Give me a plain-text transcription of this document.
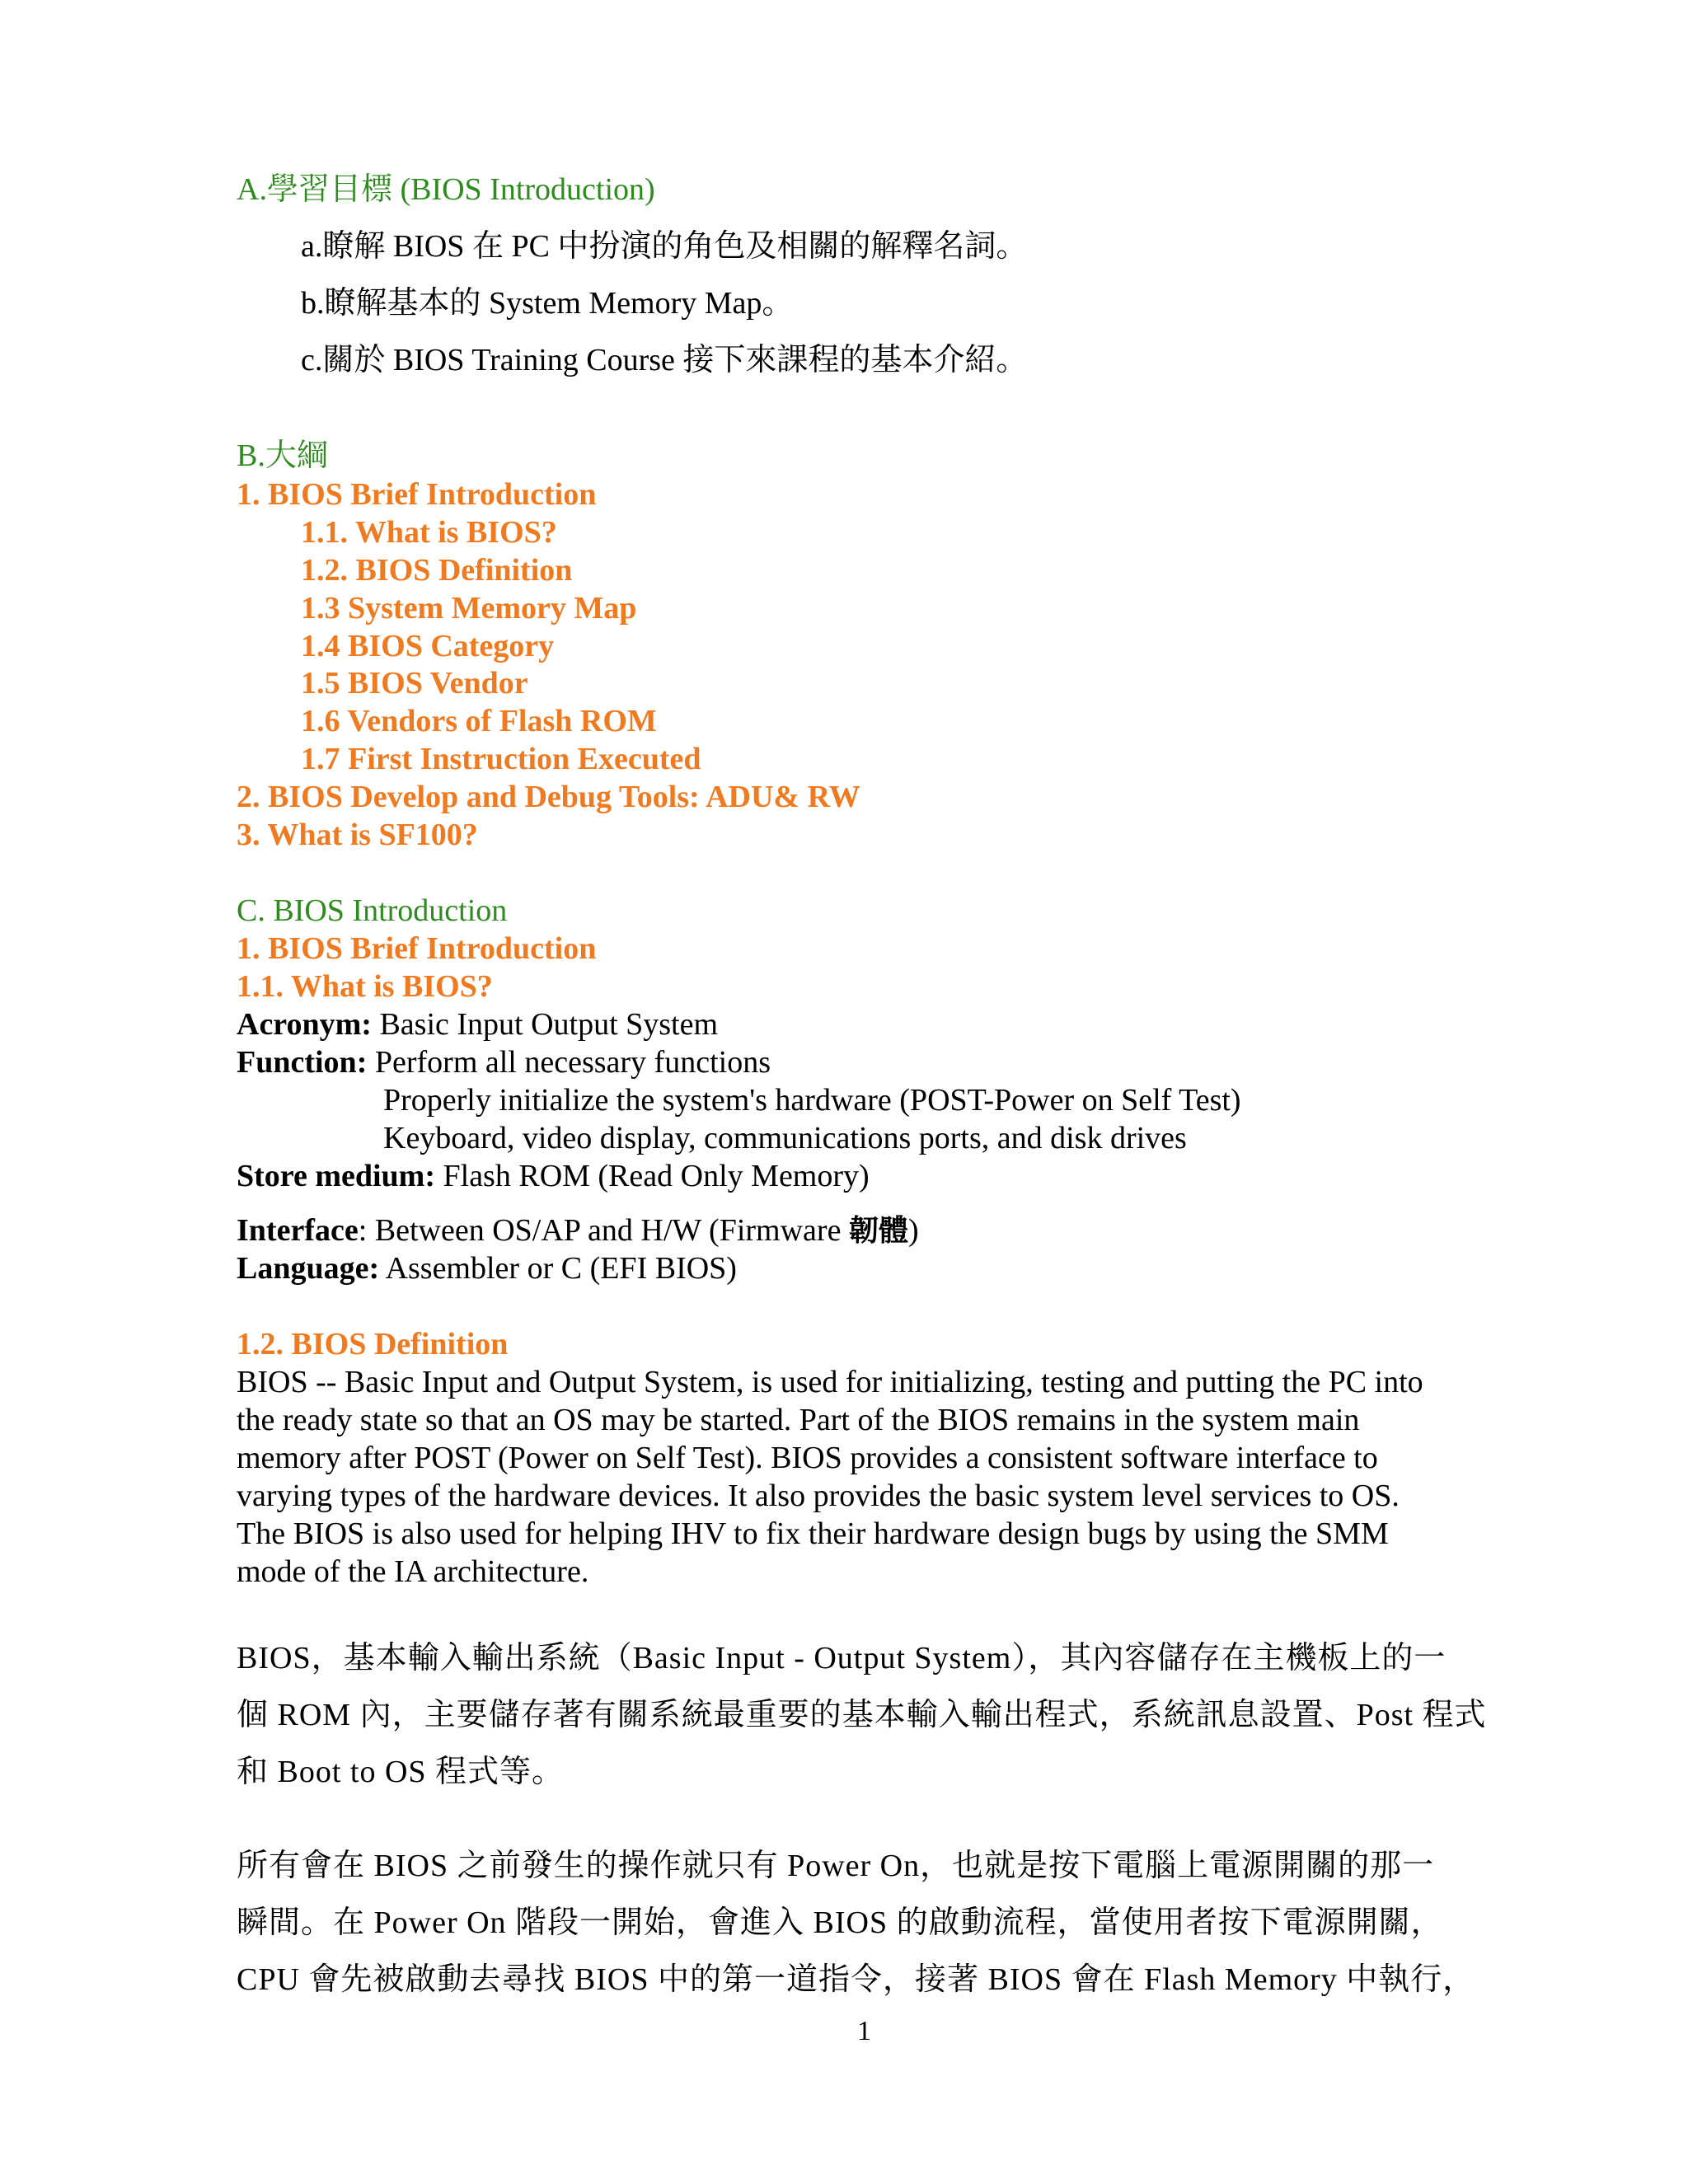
A.學習目標 (BIOS Introduction)
a.瞭解 BIOS 在 PC 中扮演的角色及相關的解釋名詞。
b.瞭解基本的 System Memory Map。
c.關於 BIOS Training Course 接下來課程的基本介紹。
B.大綱
1. BIOS Brief Introduction
1.1. What is BIOS?
1.2. BIOS Definition
1.3 System Memory Map
1.4 BIOS Category
1.5 BIOS Vendor
1.6 Vendors of Flash ROM
1.7 First Instruction Executed
2. BIOS Develop and Debug Tools: ADU& RW
3. What is SF100?
C. BIOS Introduction
1. BIOS Brief Introduction
1.1. What is BIOS?
Acronym: Basic Input Output System
Function: Perform all necessary functions
Properly initialize the system's hardware (POST-Power on Self Test)
Keyboard, video display, communications ports, and disk drives
Store medium: Flash ROM (Read Only Memory)
Interface: Between OS/AP and H/W (Firmware 韌體)
Language: Assembler or C (EFI BIOS)
1.2. BIOS Definition

BIOS -- Basic Input and Output System, is used for initializing, testing and putting the PC into

the ready state so that an OS may be started. Part of the BIOS remains in the system main

memory after POST (Power on Self Test). BIOS provides a consistent software interface to

varying types of the hardware devices. It also provides the basic system level services to OS.

The BIOS is also used for helping IHV to fix their hardware design bugs by using the SMM

mode of the IA architecture.

BIOS，基本輸入輸出系統（Basic Input - Output System），其內容儲存在主機板上的一

個 ROM 內，主要儲存著有關系統最重要的基本輸入輸出程式，系統訊息設置、Post 程式

和 Boot to OS 程式等。

所有會在 BIOS 之前發生的操作就只有 Power On，也就是按下電腦上電源開關的那一

瞬間。在 Power On 階段一開始，會進入 BIOS 的啟動流程，當使用者按下電源開關，

CPU 會先被啟動去尋找 BIOS 中的第一道指令，接著 BIOS 會在 Flash Memory 中執行，

1
